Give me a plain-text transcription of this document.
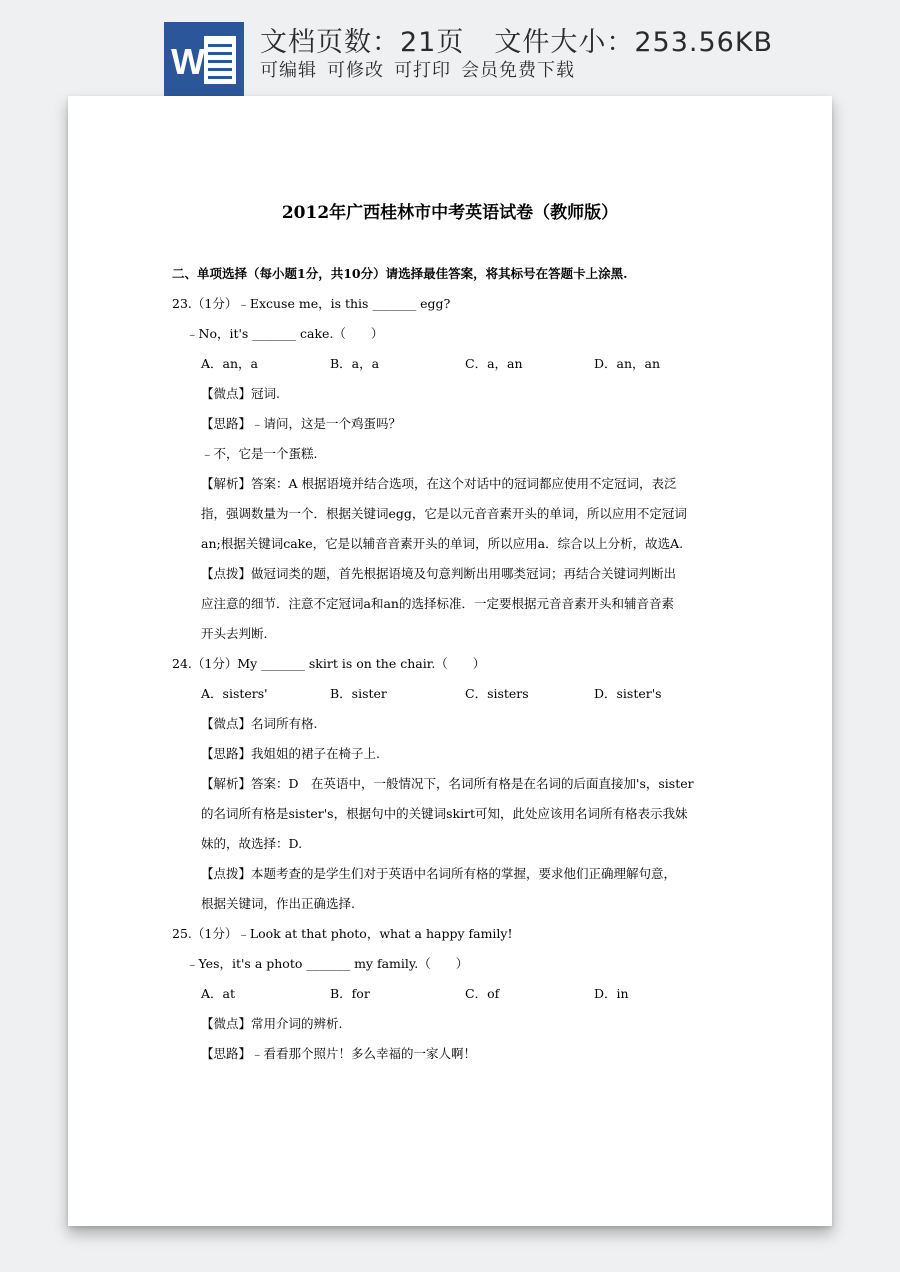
W 文档页数：21页 文件大小：253.56KB
可编辑 可修改 可打印 会员免费下载
2012年广西桂林市中考英语试卷（教师版）
二、单项选择（每小题1分，共10分）请选择最佳答案，将其标号在答题卡上涂黑.
23.（1分）﹣Excuse me，is this _______ egg?
﹣No，it's _______ cake.（　　）
A．an，a	B．a，a	C．a，an	D．an，an
【微点】冠词.
【思路】﹣请问，这是一个鸡蛋吗？
﹣不，它是一个蛋糕.
【解析】答案：A 根据语境并结合选项，在这个对话中的冠词都应使用不定冠词，表泛
指，强调数量为一个．根据关键词egg，它是以元音音素开头的单词，所以应用不定冠词
an;根据关键词cake，它是以辅音音素开头的单词，所以应用a．综合以上分析，故选A.
【点拨】做冠词类的题，首先根据语境及句意判断出用哪类冠词；再结合关键词判断出
应注意的细节．注意不定冠词a和an的选择标准．一定要根据元音音素开头和辅音音素
开头去判断.
24.（1分）My _______ skirt is on the chair.（　　）
A．sisters'	B．sister	C．sisters	D．sister's
【微点】名词所有格.
【思路】我姐姐的裙子在椅子上.
【解析】答案：D　在英语中，一般情况下，名词所有格是在名词的后面直接加's，sister
的名词所有格是sister's，根据句中的关键词skirt可知，此处应该用名词所有格表示我妹
妹的，故选择：D.
【点拨】本题考查的是学生们对于英语中名词所有格的掌握，要求他们正确理解句意，
根据关键词，作出正确选择.
25.（1分）﹣Look at that photo，what a happy family!
﹣Yes，it's a photo _______ my family.（　　）
A．at	B．for	C．of	D．in
【微点】常用介词的辨析.
【思路】﹣看看那个照片！多么幸福的一家人啊！
